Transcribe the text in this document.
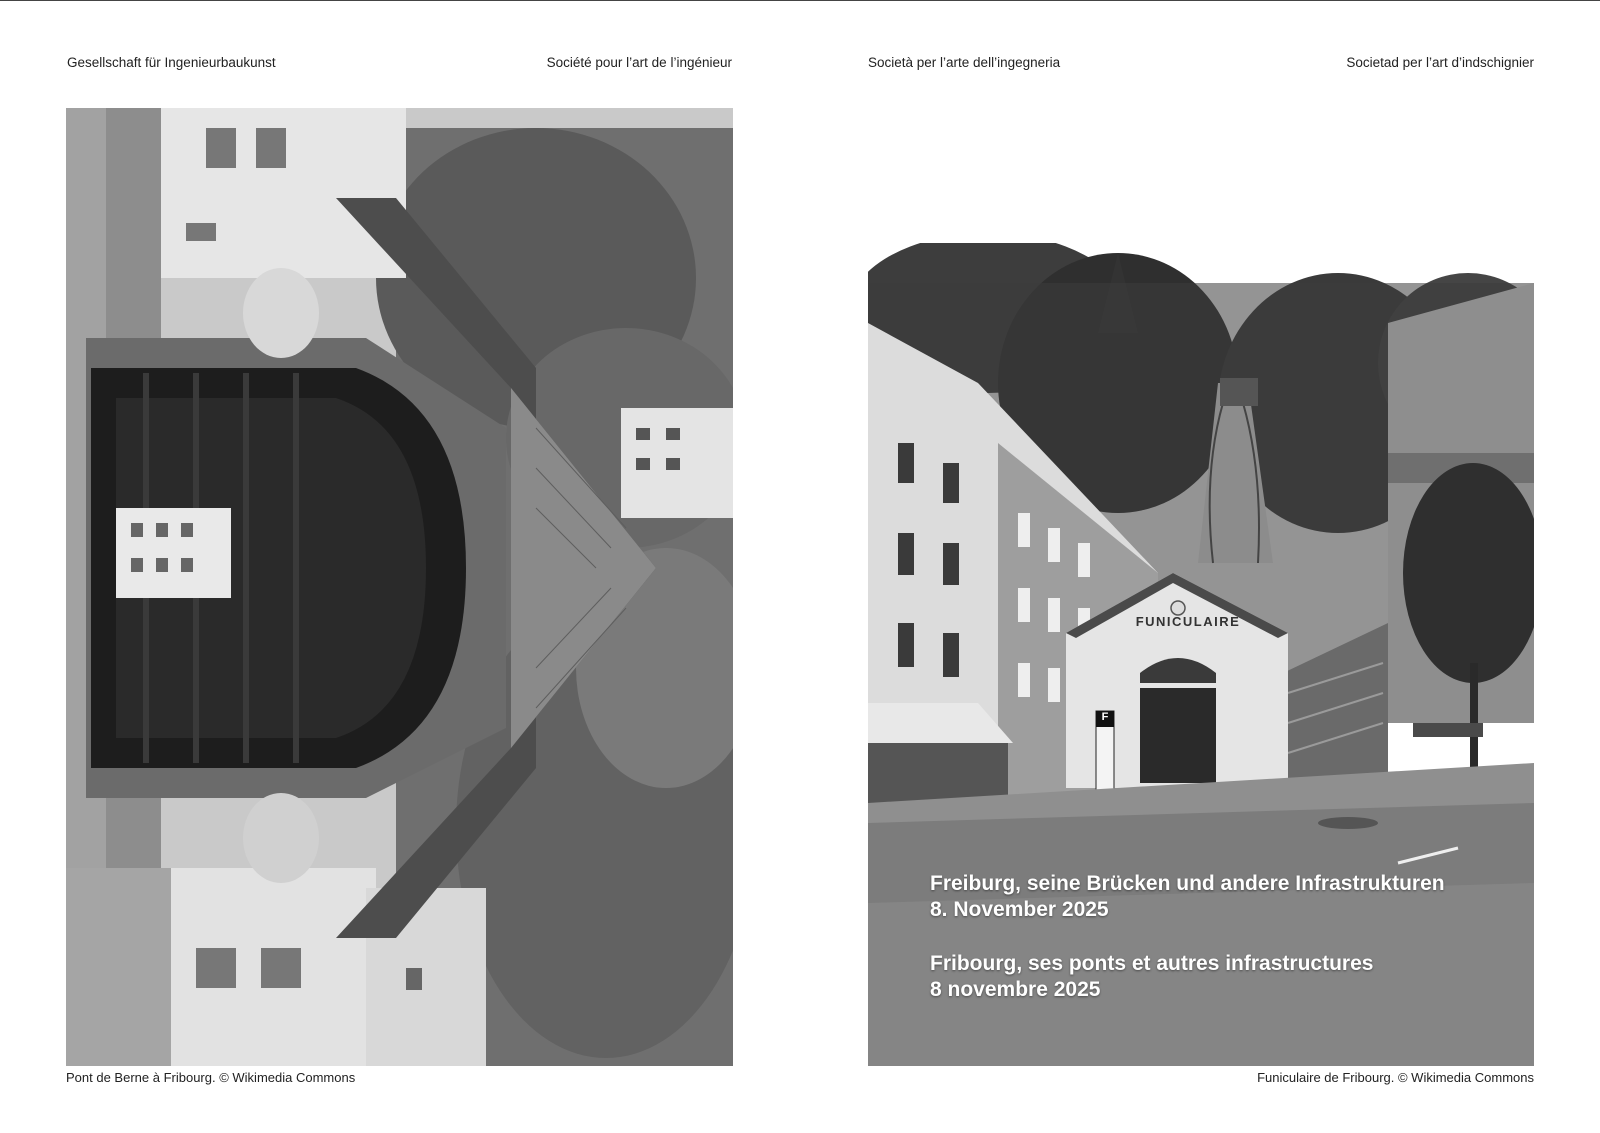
Gesellschaft für Ingenieurbaukunst	Société pour l’art de l’ingénieur
Pont de Berne à Fribourg. © Wikimedia Commons
Società per l’arte dell’ingegneria	Societad per l’art d’indschignier
FUNICULAIRE
F
Freiburg, seine Brücken und andere Infrastrukturen
8. November 2025
Fribourg, ses ponts et autres infrastructures
8 novembre 2025
Funiculaire de Fribourg. © Wikimedia Commons
